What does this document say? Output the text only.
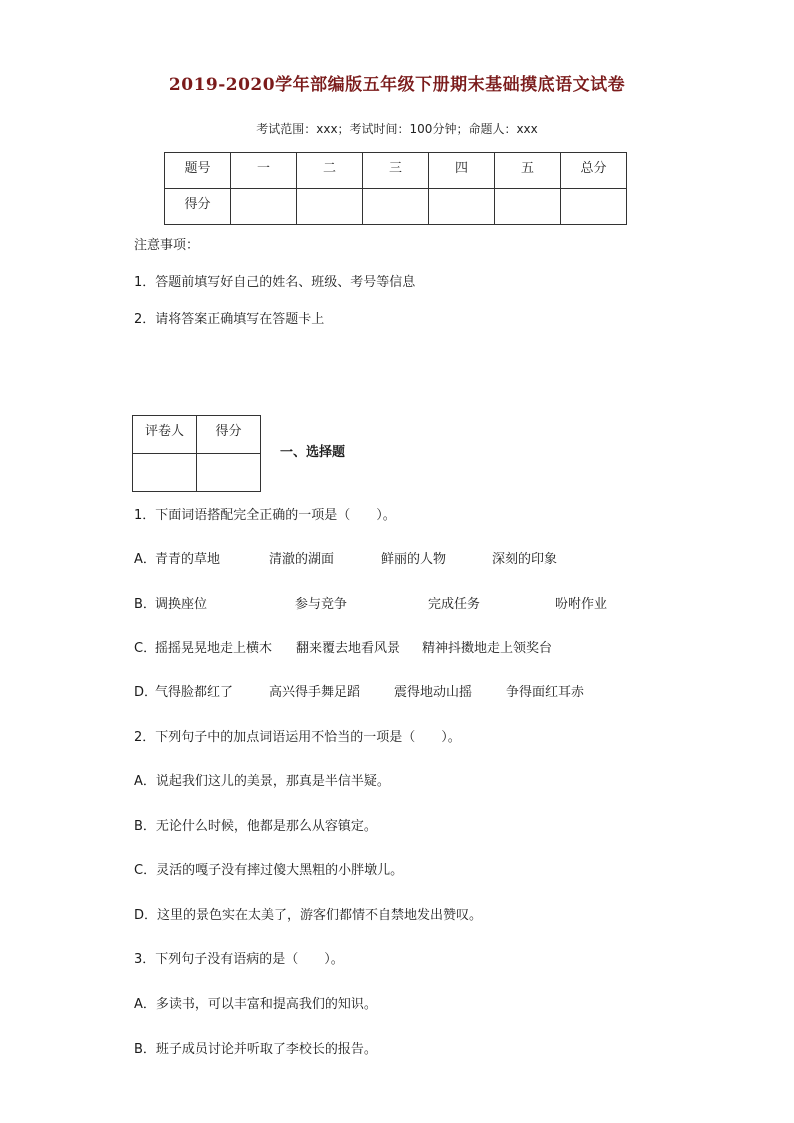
2019-2020学年部编版五年级下册期末基础摸底语文试卷
考试范围：xxx；考试时间：100分钟；命题人：xxx
题号	一	二	三	四	五	总分
得分						
注意事项：
1．答题前填写好自己的姓名、班级、考号等信息
2．请将答案正确填写在答题卡上
评卷人	得分

一、选择题
1．下面词语搭配完全正确的一项是（　　）。
A． 青青的草地	清澈的湖面	鲜丽的人物	深刻的印象
B． 调换座位	参与竞争	完成任务	吩咐作业
C．
摇摇晃晃地走上横木 翻来覆去地看风景 精神抖擞地走上领奖台
D．
气得脸都红了	高兴得手舞足蹈	震得地动山摇	争得面红耳赤
2．下列句子中的加点词语运用不恰当的一项是（　　）。
A．说起我们这儿的美景，那真是半信半疑。
B．无论什么时候，他都是那么从容镇定。
C．灵活的嘎子没有摔过傻大黑粗的小胖墩儿。
D．这里的景色实在太美了，游客们都情不自禁地发出赞叹。
3．下列句子没有语病的是（　　）。
A．多读书，可以丰富和提高我们的知识。
B．班子成员讨论并听取了李校长的报告。
